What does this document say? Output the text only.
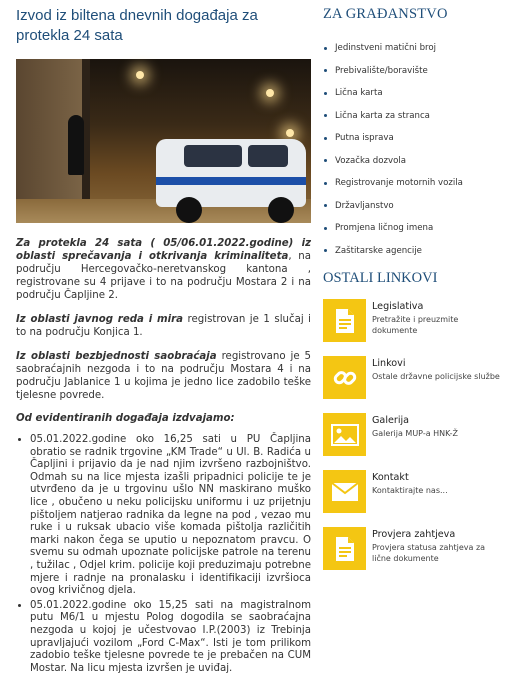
Izvod iz biltena dnevnih događaja za protekla 24 sata

Za protekla 24 sata ( 05/06.01.2022.godine) iz oblasti sprečavanja i otkrivanja kriminaliteta, na području Hercegovačko-neretvanskog kantona , registrovane su 4 prijave i to na području Mostara 2 i na području Čapljine 2.

Iz oblasti javnog reda i mira registrovan je 1 slučaj i to na području Konjica 1.

Iz oblasti bezbjednosti saobraćaja registrovano je 5 saobraćajnih nezgoda i to na području Mostara 4 i na području Jablanice 1 u kojima je jedno lice zadobilo teške tjelesne povrede.

Od evidentiranih događaja izdvajamo:

• 05.01.2022.godine oko 16,25 sati u PU Čapljina obratio se radnik trgovine „KM Trade“ u Ul. B. Radića u Čapljini i prijavio da je nad njim izvršeno razbojništvo. Odmah su na lice mjesta izašli pripadnici policije te je utvrđeno da je u trgovinu ušlo NN maskirano muško lice , obučeno u neku policijsku uniformu i uz prijetnju pištoljem natjerao radnika da legne na pod , vezao mu ruke i u ruksak ubacio više komada pištolja različitih marki nakon čega se uputio u nepoznatom pravcu. O svemu su odmah upoznate policijske patrole na terenu , tužilac , Odjel krim. policije koji preduzimaju potrebne mjere i radnje na pronalasku i identifikaciji izvršioca ovog krivičnog djela.
• 05.01.2022.godine oko 15,25 sati na magistralnom putu M6/1 u mjestu Polog dogodila se saobraćajna nezgoda u kojoj je učestvovao I.P.(2003) iz Trebinja upravljajući vozilom „Ford C-Max“. Isti je tom prilikom zadobio teške tjelesne povrede te je prebačen na CUM Mostar. Na licu mjesta izvršen je uviđaj.
ZA GRAĐANSTVO
Jedinstveni matični broj
Prebivalište/boravište
Lična karta
Lična karta za stranca
Putna isprava
Vozačka dozvola
Registrovanje motornih vozila
Državljanstvo
Promjena ličnog imena
Zaštitarske agencije
OSTALI LINKOVI
Legislativa
Pretražite i preuzmite dokumente
Linkovi
Ostale državne policijske službe
Galerija
Galerija MUP-a HNK-Ž
Kontakt
Kontaktirajte nas...
Provjera zahtjeva
Provjera statusa zahtjeva za lične dokumente
